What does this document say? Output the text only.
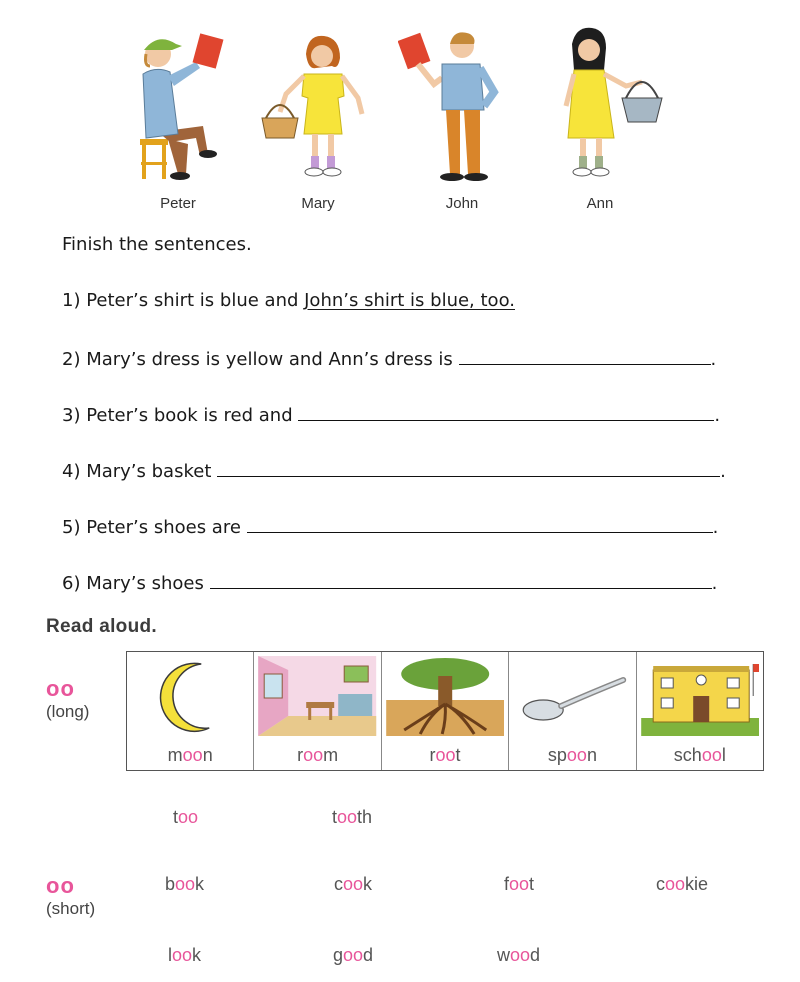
Peter	Mary	John	Ann
Finish the sentences.
1) Peter’s shirt is blue and John’s shirt is blue, too.
2) Mary’s dress is yellow and Ann’s dress is	.
3) Peter’s book is red and	.
4) Mary’s basket	.
5) Peter’s shoes are	.
6) Mary’s shoes	.
Read aloud.
oo
(long)
moon	room	root	spoon	school
too	tooth
oo
(short)
book	cook	foot	cookie
look	good	wood
